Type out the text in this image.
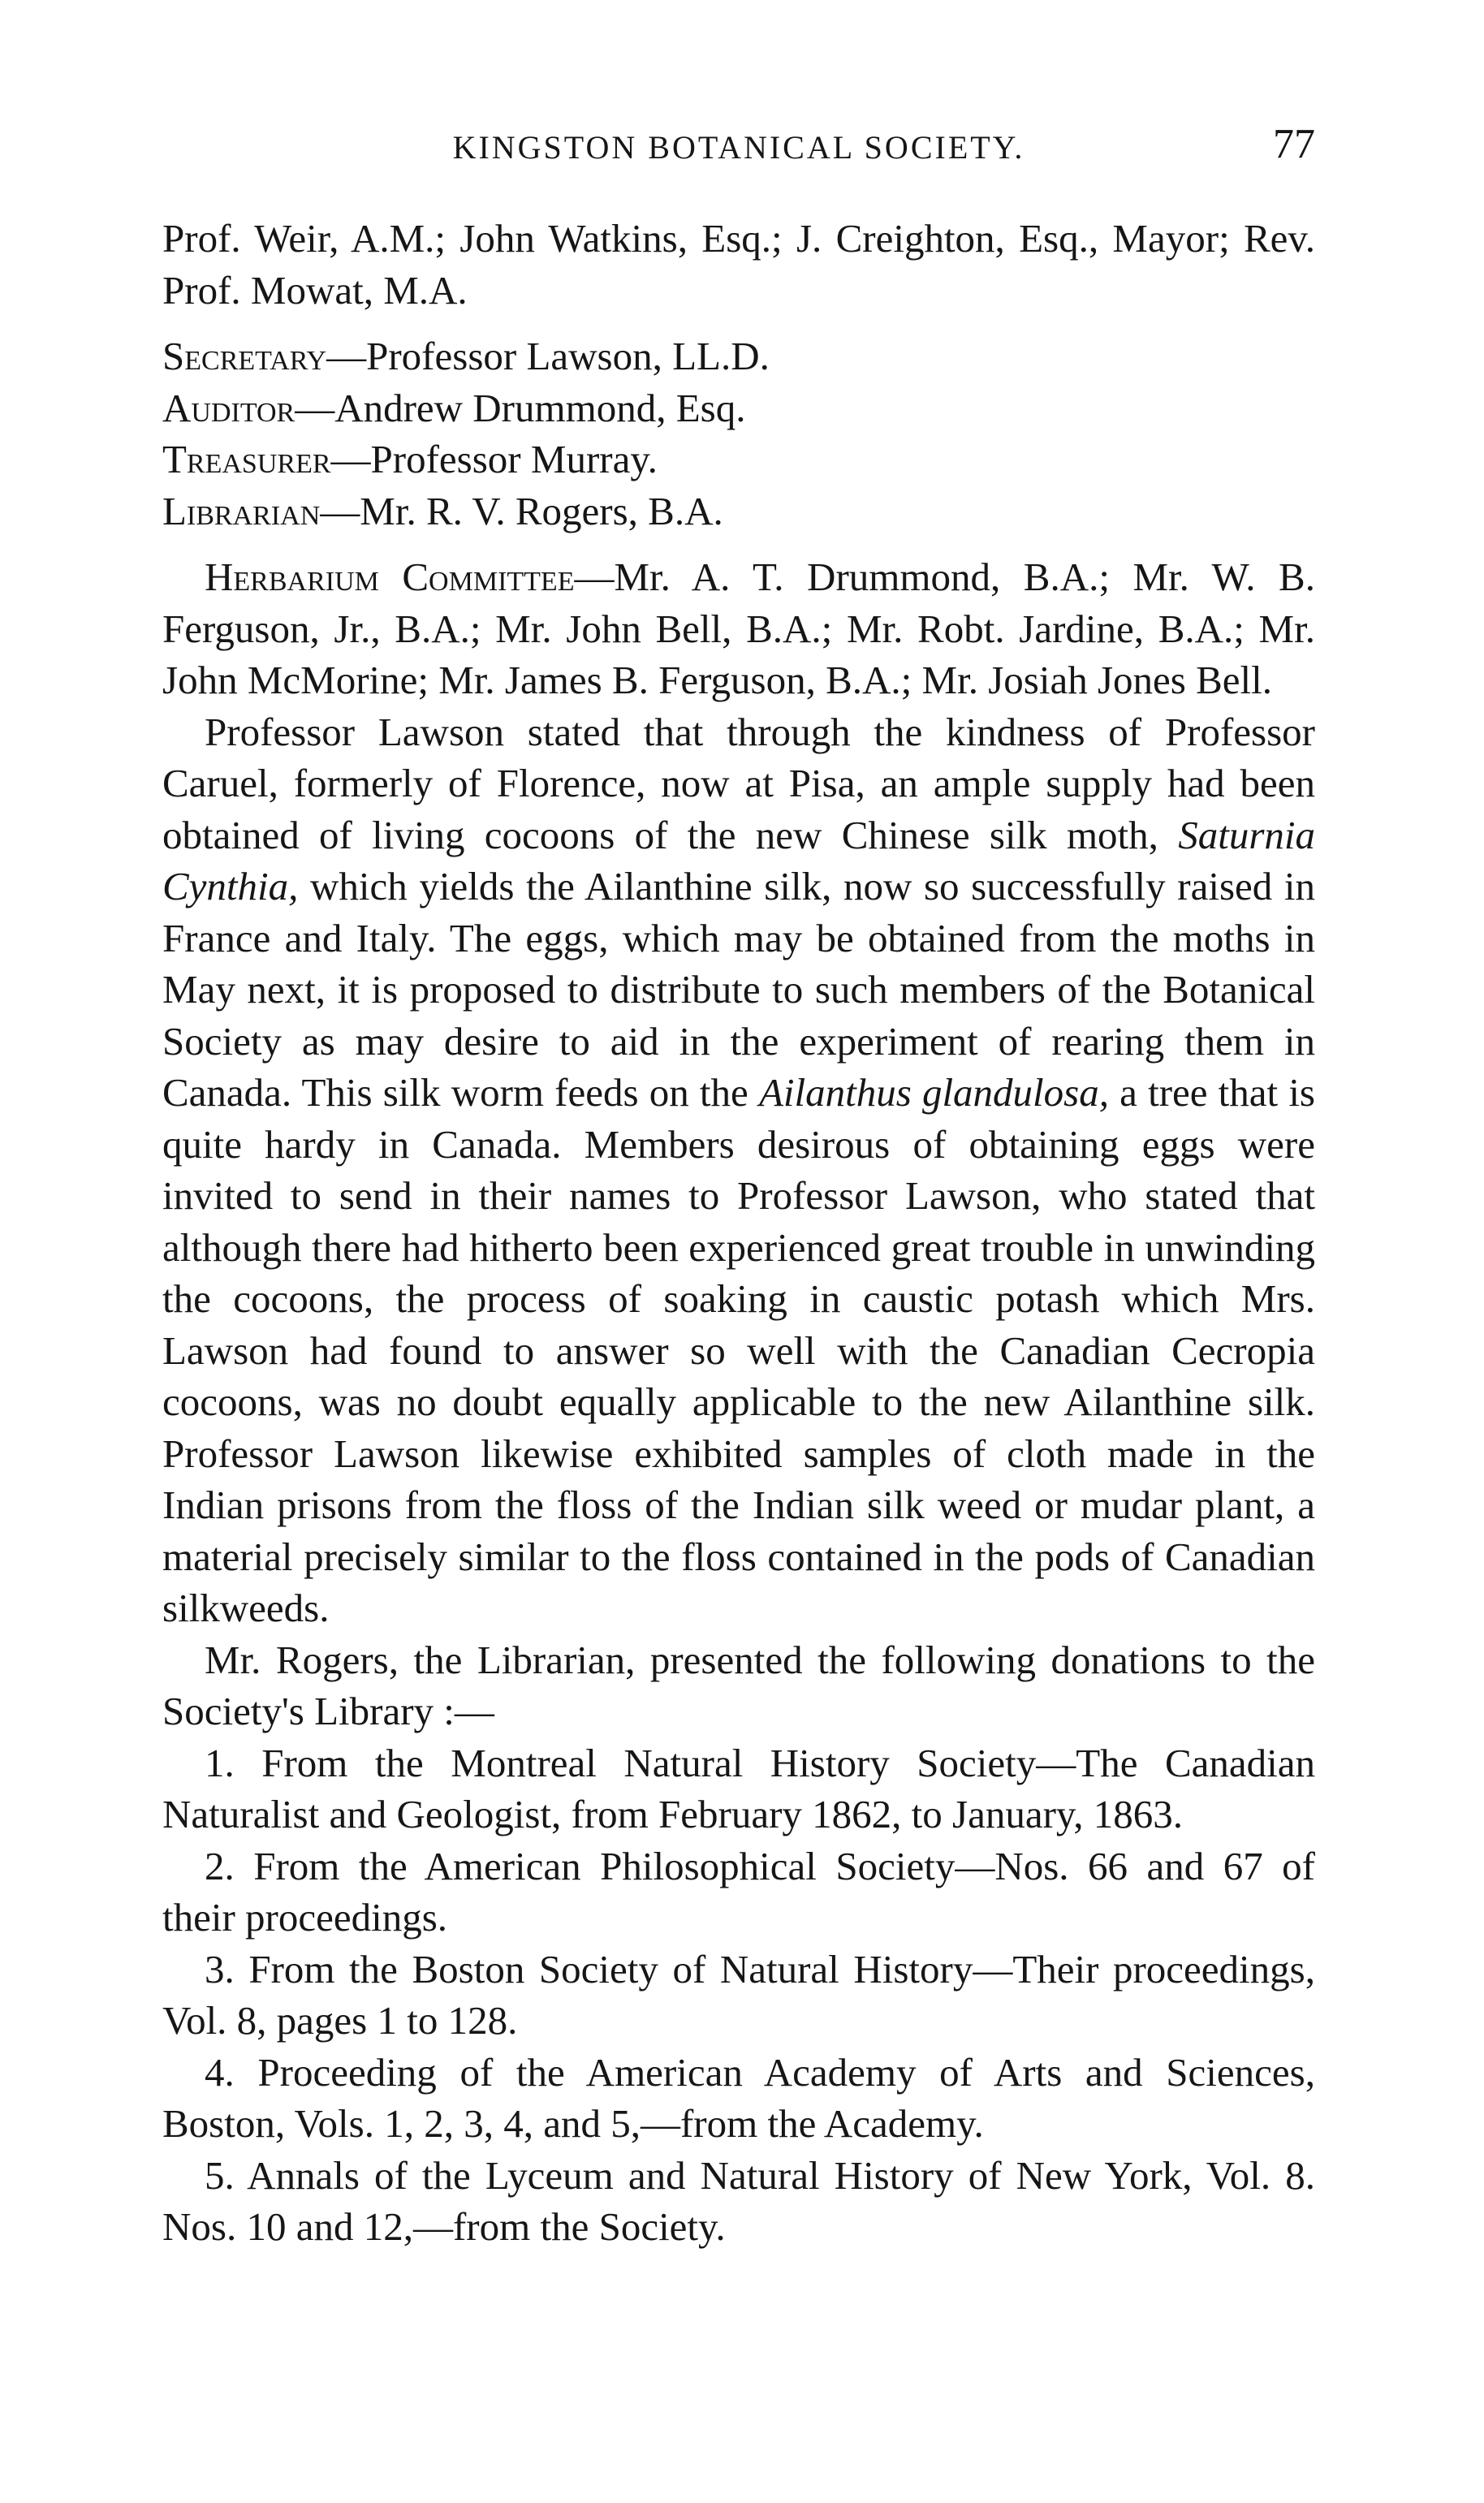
KINGSTON BOTANICAL SOCIETY.	77

Prof. Weir, A.M.; John Watkins, Esq.; J. Creighton, Esq., Mayor; Rev. Prof. Mowat, M.A.

Secretary—Professor Lawson, LL.D.

Auditor—Andrew Drummond, Esq.

Treasurer—Professor Murray.

Librarian—Mr. R. V. Rogers, B.A.

Herbarium Committee—Mr. A. T. Drummond, B.A.; Mr. W. B. Ferguson, Jr., B.A.; Mr. John Bell, B.A.; Mr. Robt. Jardine, B.A.; Mr. John McMorine; Mr. James B. Ferguson, B.A.; Mr. Josiah Jones Bell.

Professor Lawson stated that through the kindness of Professor Caruel, formerly of Florence, now at Pisa, an ample supply had been obtained of living cocoons of the new Chinese silk moth, Saturnia Cynthia, which yields the Ailanthine silk, now so successfully raised in France and Italy. The eggs, which may be obtained from the moths in May next, it is proposed to distribute to such members of the Botanical Society as may desire to aid in the experiment of rearing them in Canada. This silk worm feeds on the Ailanthus glandulosa, a tree that is quite hardy in Canada. Members desirous of obtaining eggs were invited to send in their names to Professor Lawson, who stated that although there had hitherto been experienced great trouble in unwinding the cocoons, the process of soaking in caustic potash which Mrs. Lawson had found to answer so well with the Canadian Cecropia cocoons, was no doubt equally applicable to the new Ailanthine silk. Professor Lawson likewise exhibited samples of cloth made in the Indian prisons from the floss of the Indian silk weed or mudar plant, a material precisely similar to the floss contained in the pods of Canadian silkweeds.

Mr. Rogers, the Librarian, presented the following donations to the Society's Library :—

1. From the Montreal Natural History Society—The Canadian Naturalist and Geologist, from February 1862, to January, 1863.

2. From the American Philosophical Society—Nos. 66 and 67 of their proceedings.

3. From the Boston Society of Natural History—Their proceedings, Vol. 8, pages 1 to 128.

4. Proceeding of the American Academy of Arts and Sciences, Boston, Vols. 1, 2, 3, 4, and 5,—from the Academy.

5. Annals of the Lyceum and Natural History of New York, Vol. 8. Nos. 10 and 12,—from the Society.
